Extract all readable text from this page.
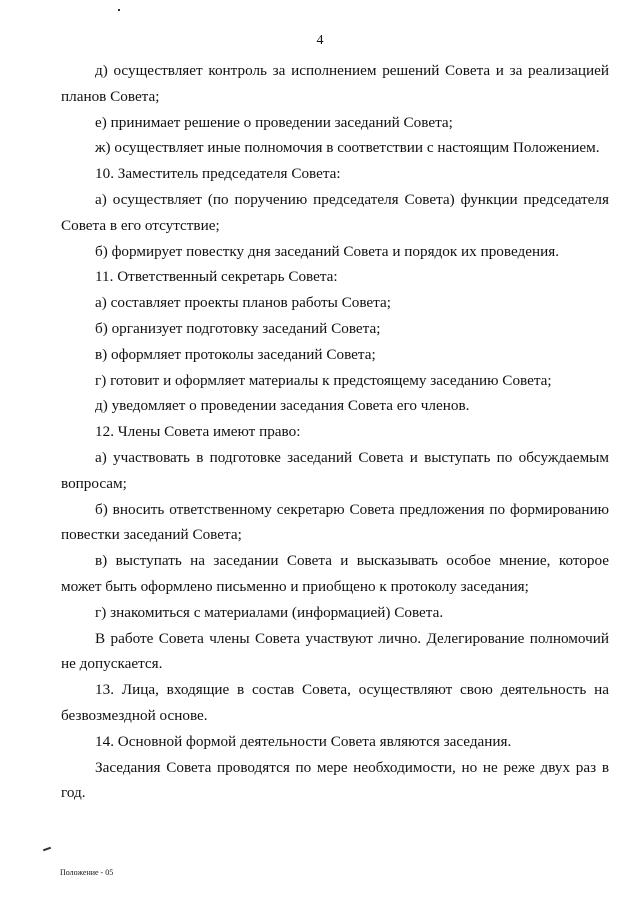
4

д) осуществляет контроль за исполнением решений Совета и за реализацией планов Совета;

е) принимает решение о проведении заседаний Совета;

ж) осуществляет иные полномочия в соответствии с настоящим Положением.

10. Заместитель председателя Совета:

а) осуществляет (по поручению председателя Совета) функции председателя Совета в его отсутствие;

б) формирует повестку дня заседаний Совета и порядок их проведения.

11. Ответственный секретарь Совета:

а) составляет проекты планов работы Совета;

б) организует подготовку заседаний Совета;

в) оформляет протоколы заседаний Совета;

г) готовит и оформляет материалы к предстоящему заседанию Совета;

д) уведомляет о проведении заседания Совета его членов.

12. Члены Совета имеют право:

а) участвовать в подготовке заседаний Совета и выступать по обсуждаемым вопросам;

б) вносить ответственному секретарю Совета предложения по формированию повестки заседаний Совета;

в) выступать на заседании Совета и высказывать особое мнение, которое может быть оформлено письменно и приобщено к протоколу заседания;

г) знакомиться с материалами (информацией) Совета.

В работе Совета члены Совета участвуют лично. Делегирование полномочий не допускается.

13. Лица, входящие в состав Совета, осуществляют свою деятельность на безвозмездной основе.

14. Основной формой деятельности Совета являются заседания.

Заседания Совета проводятся по мере необходимости, но не реже двух раз в год.

Положение - 05
